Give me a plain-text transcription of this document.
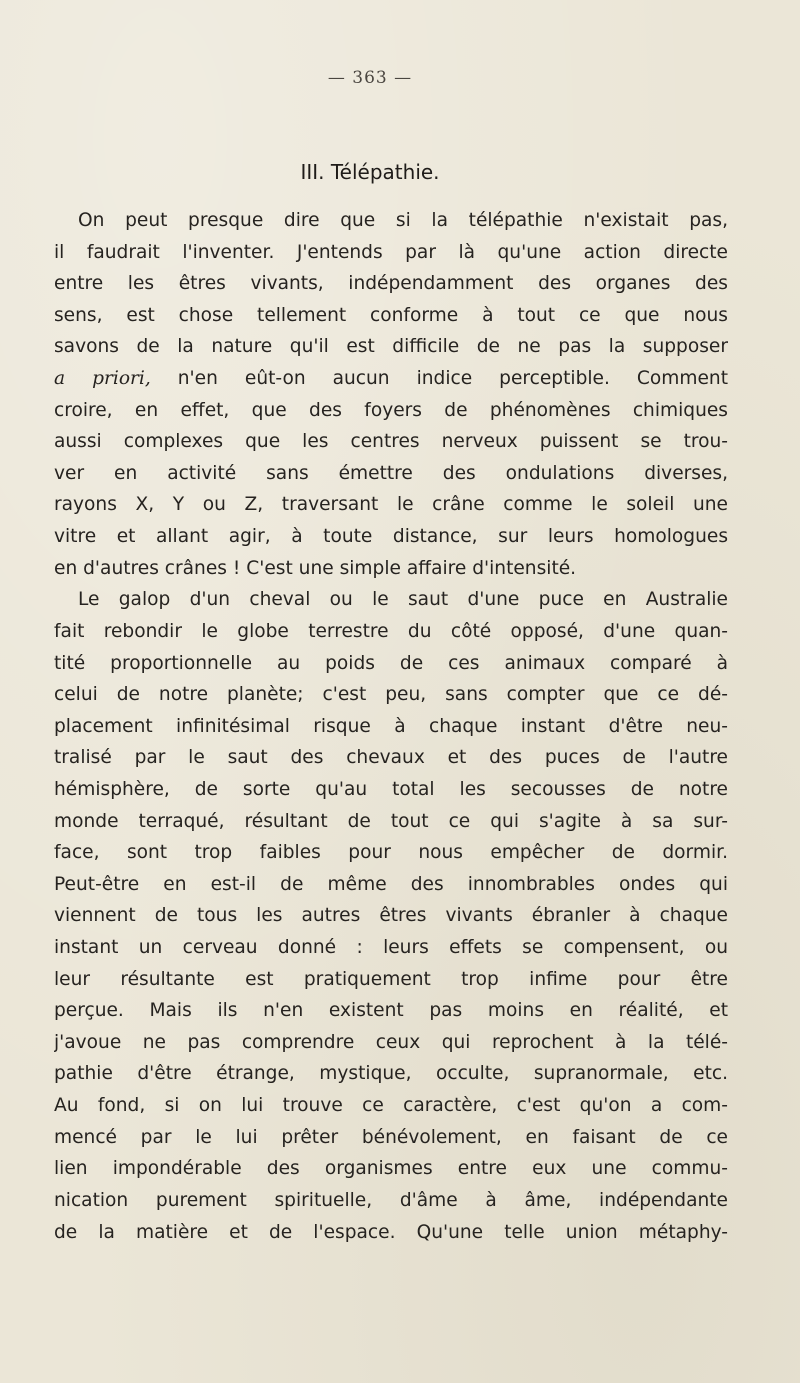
— 363 —
III. Télépathie.
On peut presque dire que si la télépathie n'existait pas,
il faudrait l'inventer. J'entends par là qu'une action directe
entre les êtres vivants, indépendamment des organes des
sens, est chose tellement conforme à tout ce que nous
savons de la nature qu'il est difficile de ne pas la supposer
a priori, n'en eût-on aucun indice perceptible. Comment
croire, en effet, que des foyers de phénomènes chimiques
aussi complexes que les centres nerveux puissent se trou-
ver en activité sans émettre des ondulations diverses,
rayons X, Y ou Z, traversant le crâne comme le soleil une
vitre et allant agir, à toute distance, sur leurs homologues
en d'autres crânes ! C'est une simple affaire d'intensité.
Le galop d'un cheval ou le saut d'une puce en Australie
fait rebondir le globe terrestre du côté opposé, d'une quan-
tité proportionnelle au poids de ces animaux comparé à
celui de notre planète; c'est peu, sans compter que ce dé-
placement infinitésimal risque à chaque instant d'être neu-
tralisé par le saut des chevaux et des puces de l'autre
hémisphère, de sorte qu'au total les secousses de notre
monde terraqué, résultant de tout ce qui s'agite à sa sur-
face, sont trop faibles pour nous empêcher de dormir.
Peut-être en est-il de même des innombrables ondes qui
viennent de tous les autres êtres vivants ébranler à chaque
instant un cerveau donné : leurs effets se compensent, ou
leur résultante est pratiquement trop infime pour être
perçue. Mais ils n'en existent pas moins en réalité, et
j'avoue ne pas comprendre ceux qui reprochent à la télé-
pathie d'être étrange, mystique, occulte, supranormale, etc.
Au fond, si on lui trouve ce caractère, c'est qu'on a com-
mencé par le lui prêter bénévolement, en faisant de ce
lien impondérable des organismes entre eux une commu-
nication purement spirituelle, d'âme à âme, indépendante
de la matière et de l'espace. Qu'une telle union métaphy-
